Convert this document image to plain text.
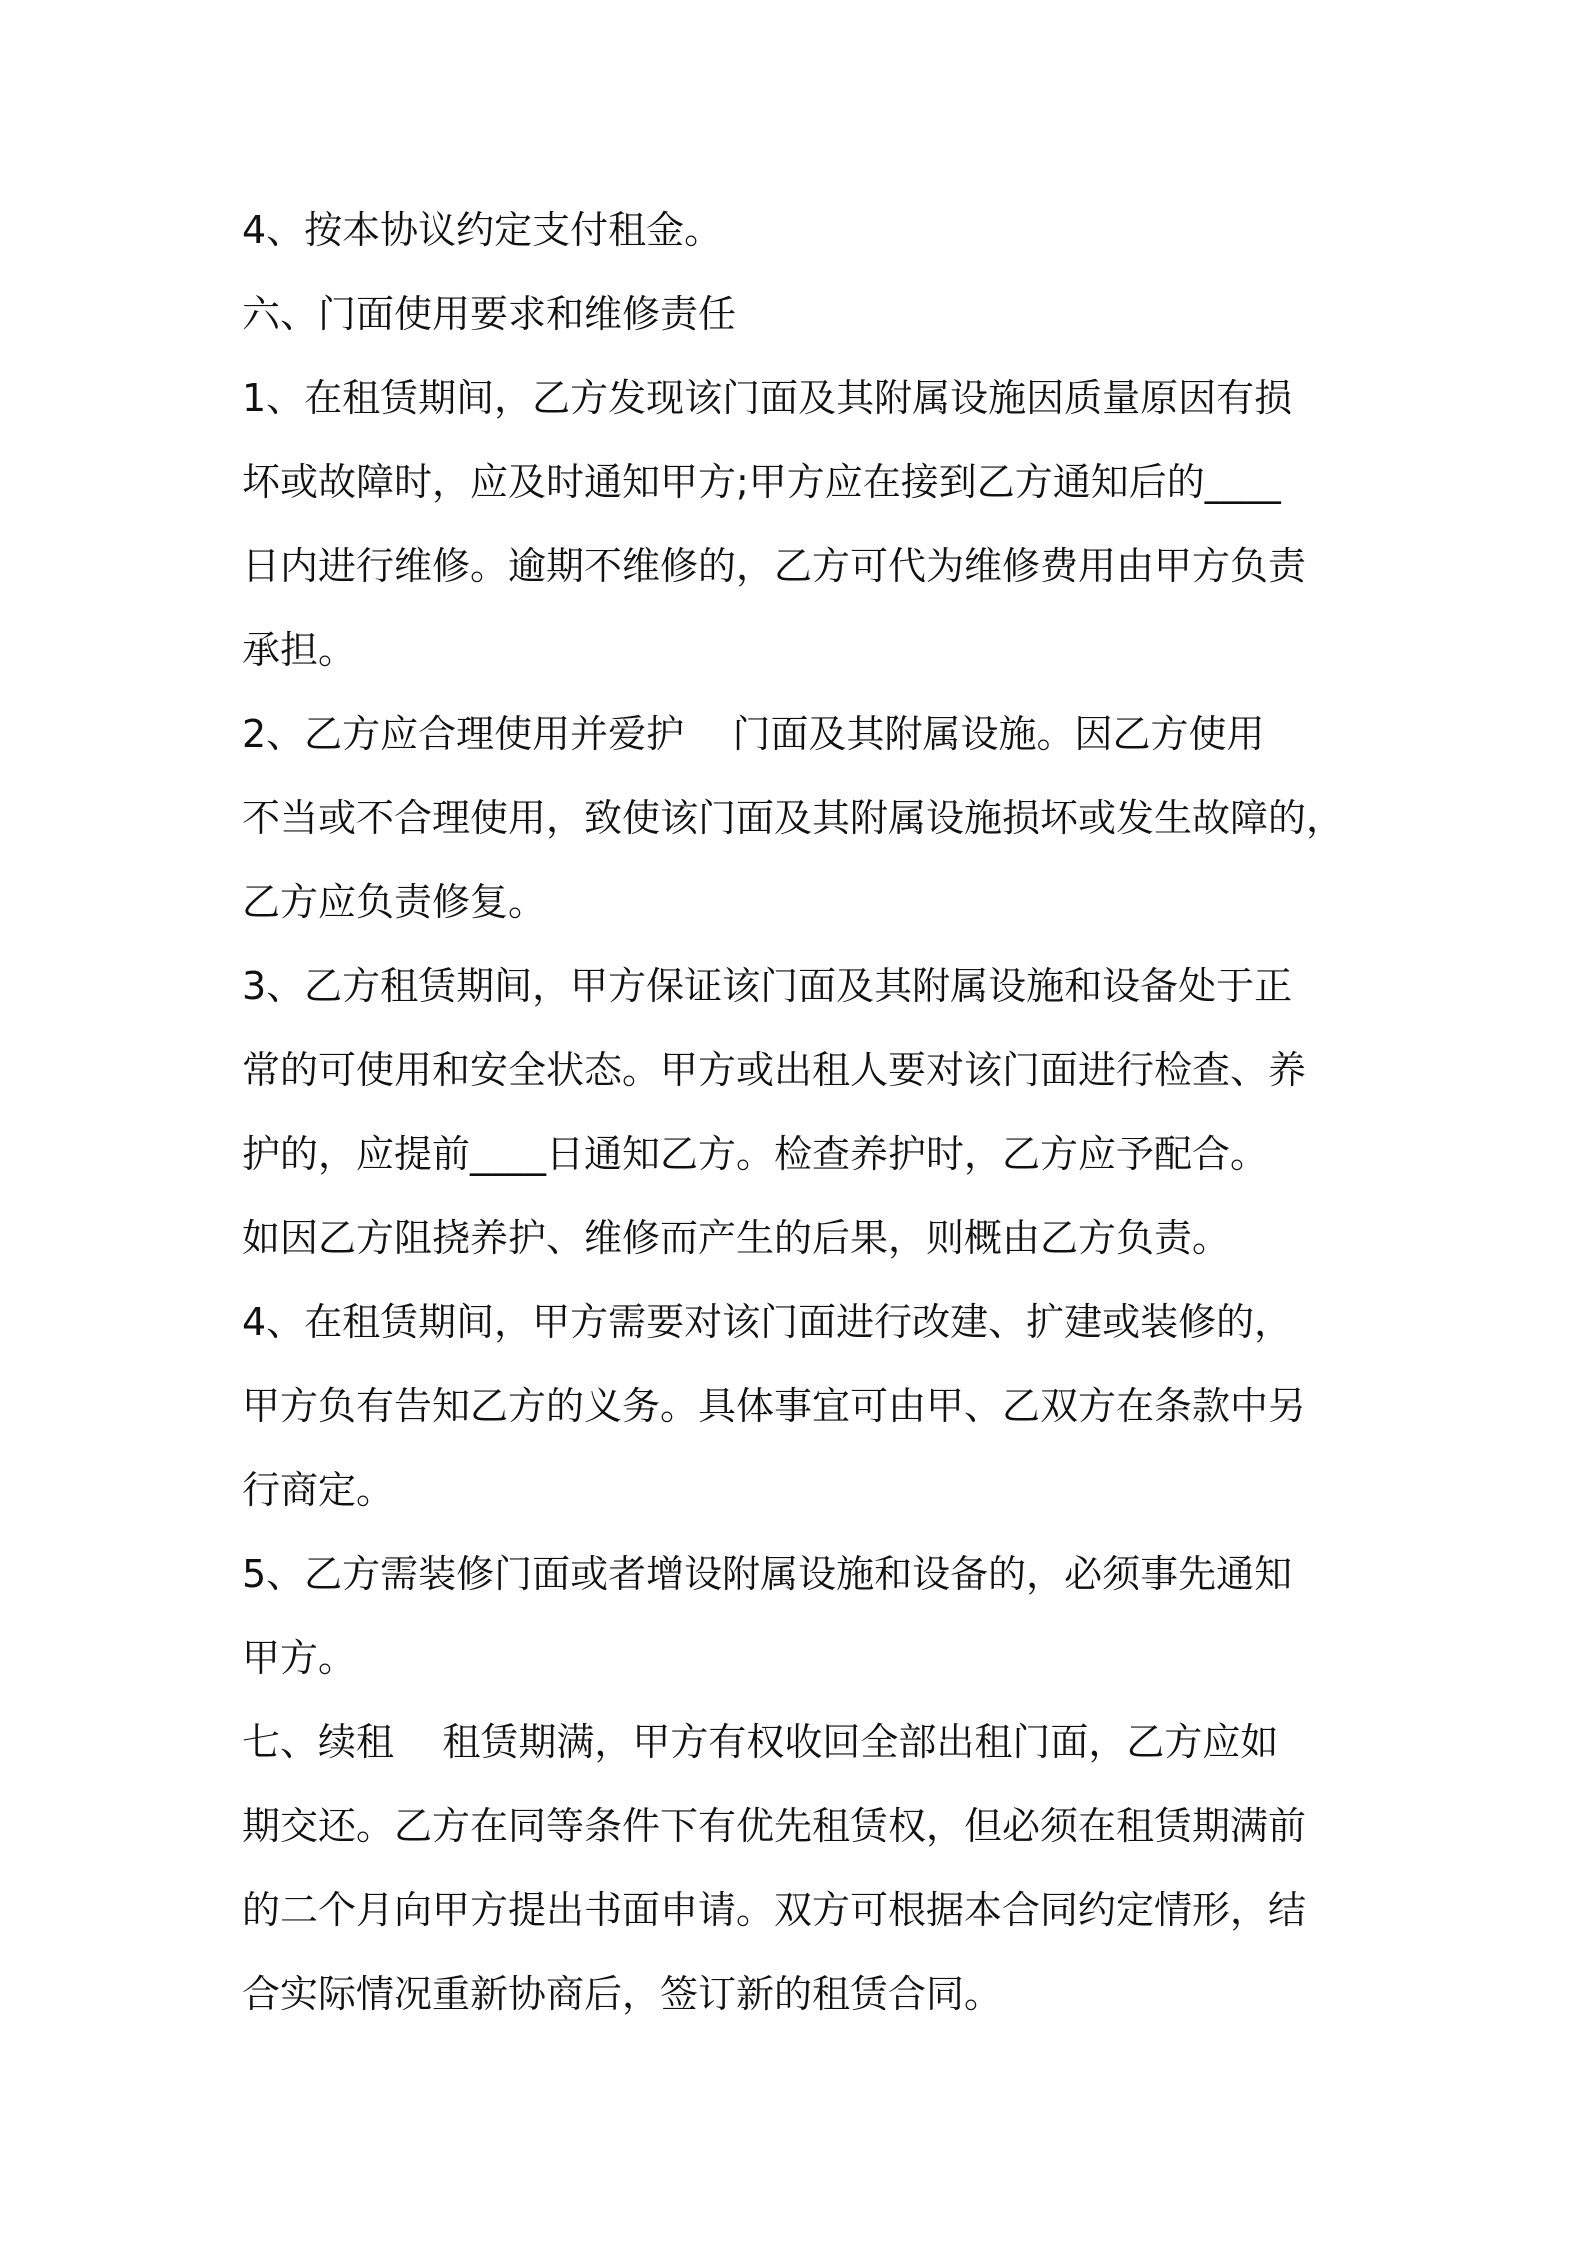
4、按本协议约定支付租金。
六、门面使用要求和维修责任
1、在租赁期间，乙方发现该门面及其附属设施因质量原因有损
坏或故障时，应及时通知甲方;甲方应在接到乙方通知后的____
日内进行维修。逾期不维修的，乙方可代为维修费用由甲方负责
承担。
2、乙方应合理使用并爱护    门面及其附属设施。因乙方使用
不当或不合理使用，致使该门面及其附属设施损坏或发生故障的，
乙方应负责修复。
3、乙方租赁期间，甲方保证该门面及其附属设施和设备处于正
常的可使用和安全状态。甲方或出租人要对该门面进行检查、养
护的，应提前____日通知乙方。检查养护时，乙方应予配合。
如因乙方阻挠养护、维修而产生的后果，则概由乙方负责。
4、在租赁期间，甲方需要对该门面进行改建、扩建或装修的，
甲方负有告知乙方的义务。具体事宜可由甲、乙双方在条款中另
行商定。
5、乙方需装修门面或者增设附属设施和设备的，必须事先通知
甲方。
七、续租    租赁期满，甲方有权收回全部出租门面，乙方应如
期交还。乙方在同等条件下有优先租赁权，但必须在租赁期满前
的二个月向甲方提出书面申请。双方可根据本合同约定情形，结
合实际情况重新协商后，签订新的租赁合同。
